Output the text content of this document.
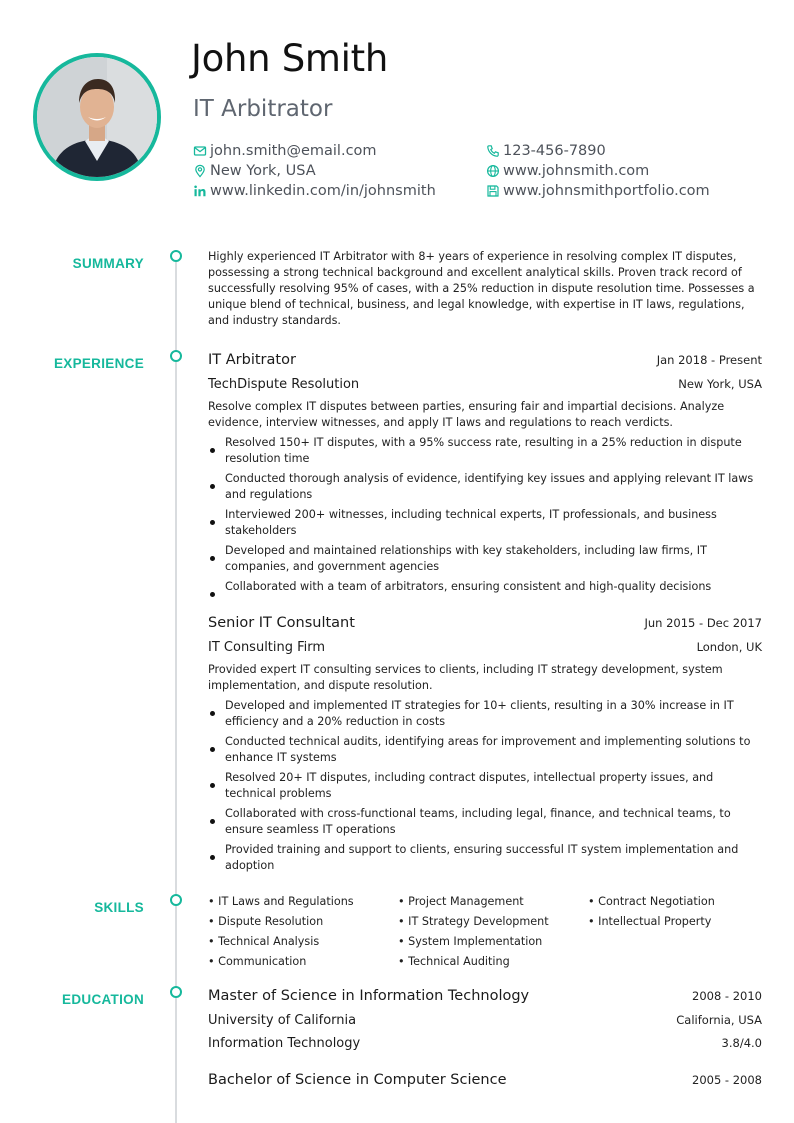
John Smith
IT Arbitrator
john.smith@email.com	123-456-7890
New York, USA	www.johnsmith.com
www.linkedin.com/in/johnsmith	www.johnsmithportfolio.com
SUMMARY	Highly experienced IT Arbitrator with 8+ years of experience in resolving complex IT disputes, possessing a strong technical background and excellent analytical skills. Proven track record of successfully resolving 95% of cases, with a 25% reduction in dispute resolution time. Possesses a unique blend of technical, business, and legal knowledge, with expertise in IT laws, regulations, and industry standards.

EXPERIENCE	IT Arbitrator	Jan 2018 - Present
TechDispute Resolution	New York, USA

Resolve complex IT disputes between parties, ensuring fair and impartial decisions. Analyze evidence, interview witnesses, and apply IT laws and regulations to reach verdicts.

Resolved 150+ IT disputes, with a 95% success rate, resulting in a 25% reduction in dispute resolution time
Conducted thorough analysis of evidence, identifying key issues and applying relevant IT laws and regulations
Interviewed 200+ witnesses, including technical experts, IT professionals, and business stakeholders
Developed and maintained relationships with key stakeholders, including law firms, IT companies, and government agencies
Collaborated with a team of arbitrators, ensuring consistent and high-quality decisions
Senior IT Consultant	Jun 2015 - Dec 2017
IT Consulting Firm	London, UK

Provided expert IT consulting services to clients, including IT strategy development, system implementation, and dispute resolution.

Developed and implemented IT strategies for 10+ clients, resulting in a 30% increase in IT efficiency and a 20% reduction in costs
Conducted technical audits, identifying areas for improvement and implementing solutions to enhance IT systems
Resolved 20+ IT disputes, including contract disputes, intellectual property issues, and technical problems
Collaborated with cross-functional teams, including legal, finance, and technical teams, to ensure seamless IT operations
Provided training and support to clients, ensuring successful IT system implementation and adoption
SKILLS	• IT Laws and Regulations	• Project Management	• Contract Negotiation
• Dispute Resolution	• IT Strategy Development	• Intellectual Property
• Technical Analysis	• System Implementation
• Communication	• Technical Auditing
EDUCATION	Master of Science in Information Technology	2008 - 2010
University of California	California, USA
Information Technology	3.8/4.0
Bachelor of Science in Computer Science	2005 - 2008
